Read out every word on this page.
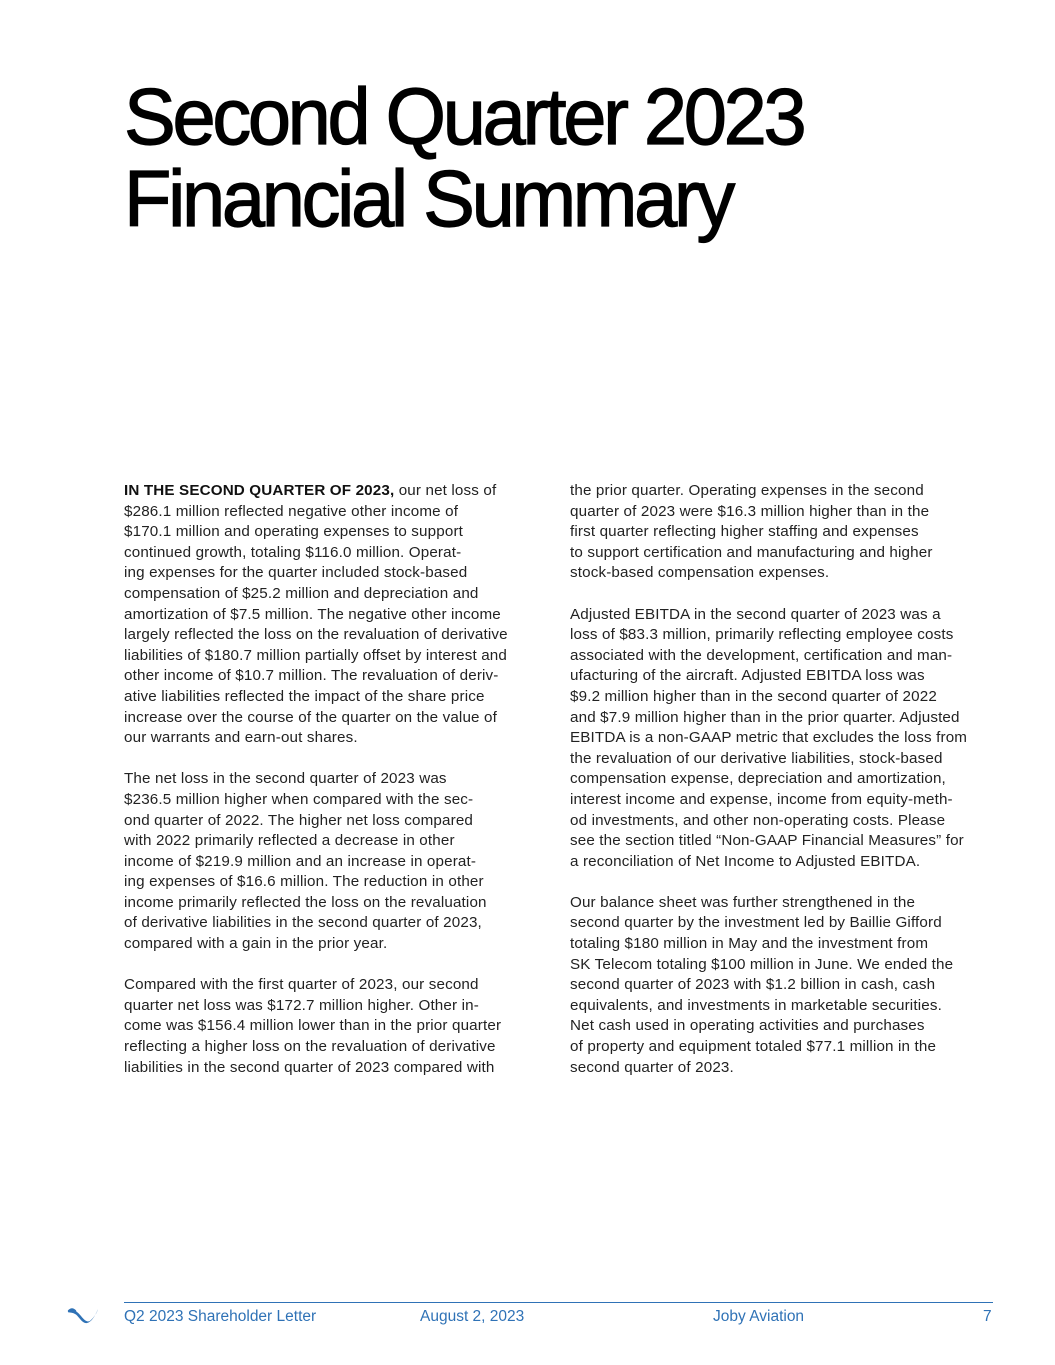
Second Quarter 2023
Financial Summary

IN THE SECOND QUARTER OF 2023, our net loss of
$286.1 million reflected negative other income of
$170.1 million and operating expenses to support
continued growth, totaling $116.0 million. Operat-
ing expenses for the quarter included stock-based
compensation of $25.2 million and depreciation and
amortization of $7.5 million. The negative other income
largely reflected the loss on the revaluation of derivative
liabilities of $180.7 million partially offset by interest and
other income of $10.7 million. The revaluation of deriv-
ative liabilities reflected the impact of the share price
increase over the course of the quarter on the value of
our warrants and earn-out shares.

The net loss in the second quarter of 2023 was
$236.5 million higher when compared with the sec-
ond quarter of 2022. The higher net loss compared
with 2022 primarily reflected a decrease in other
income of $219.9 million and an increase in operat-
ing expenses of $16.6 million. The reduction in other
income primarily reflected the loss on the revaluation
of derivative liabilities in the second quarter of 2023,
compared with a gain in the prior year.

Compared with the first quarter of 2023, our second
quarter net loss was $172.7 million higher. Other in-
come was $156.4 million lower than in the prior quarter
reflecting a higher loss on the revaluation of derivative
liabilities in the second quarter of 2023 compared with

the prior quarter. Operating expenses in the second
quarter of 2023 were $16.3 million higher than in the
first quarter reflecting higher staffing and expenses
to support certification and manufacturing and higher
stock-based compensation expenses.

Adjusted EBITDA in the second quarter of 2023 was a
loss of $83.3 million, primarily reflecting employee costs
associated with the development, certification and man-
ufacturing of the aircraft. Adjusted EBITDA loss was
$9.2 million higher than in the second quarter of 2022
and $7.9 million higher than in the prior quarter. Adjusted
EBITDA is a non-GAAP metric that excludes the loss from
the revaluation of our derivative liabilities, stock-based
compensation expense, depreciation and amortization,
interest income and expense, income from equity-meth-
od investments, and other non-operating costs. Please
see the section titled “Non-GAAP Financial Measures” for
a reconciliation of Net Income to Adjusted EBITDA.

Our balance sheet was further strengthened in the
second quarter by the investment led by Baillie Gifford
totaling $180 million in May and the investment from
SK Telecom totaling $100 million in June. We ended the
second quarter of 2023 with $1.2 billion in cash, cash
equivalents, and investments in marketable securities.
Net cash used in operating activities and purchases
of property and equipment totaled $77.1 million in the
second quarter of 2023.

Q2 2023 Shareholder Letter	August 2, 2023	Joby Aviation	7
